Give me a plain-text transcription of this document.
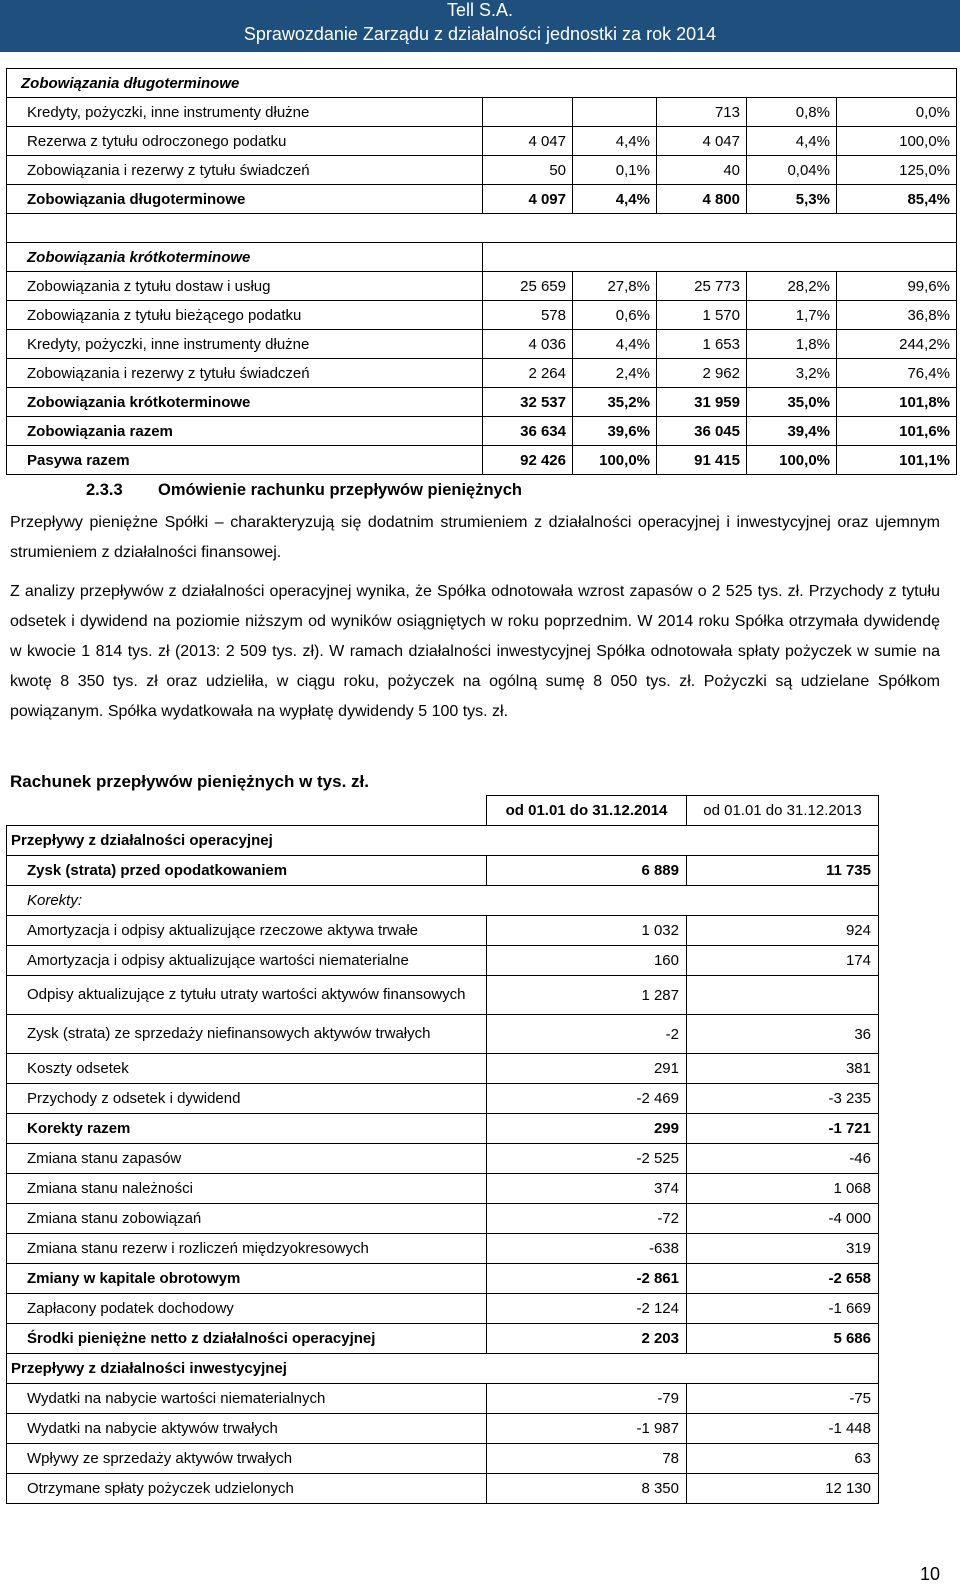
Tell S.A.
Sprawozdanie Zarządu z działalności jednostki za rok 2014
Zobowiązania długoterminowe					
Kredyty, pożyczki, inne instrumenty dłużne			713	0,8%	0,0%
Rezerwa z tytułu odroczonego podatku	4 047	4,4%	4 047	4,4%	100,0%
Zobowiązania i rezerwy z tytułu świadczeń	50	0,1%	40	0,04%	125,0%
Zobowiązania długoterminowe	4 097	4,4%	4 800	5,3%	85,4%

Zobowiązania krótkoterminowe					
Zobowiązania z tytułu dostaw i usług	25 659	27,8%	25 773	28,2%	99,6%
Zobowiązania z tytułu bieżącego podatku	578	0,6%	1 570	1,7%	36,8%
Kredyty, pożyczki, inne instrumenty dłużne	4 036	4,4%	1 653	1,8%	244,2%
Zobowiązania i rezerwy z tytułu świadczeń	2 264	2,4%	2 962	3,2%	76,4%
Zobowiązania krótkoterminowe	32 537	35,2%	31 959	35,0%	101,8%
Zobowiązania razem	36 634	39,6%	36 045	39,4%	101,6%
Pasywa razem	92 426	100,0%	91 415	100,0%	101,1%
2.3.3 Omówienie rachunku przepływów pieniężnych
Przepływy pieniężne Spółki – charakteryzują się dodatnim strumieniem z działalności operacyjnej i inwestycyjnej oraz ujemnym strumieniem z działalności finansowej.
Z analizy przepływów z działalności operacyjnej wynika, że Spółka odnotowała wzrost zapasów o 2 525 tys. zł. Przychody z tytułu odsetek i dywidend na poziomie niższym od wyników osiągniętych w roku poprzednim. W 2014 roku Spółka otrzymała dywidendę w kwocie 1 814 tys. zł (2013: 2 509 tys. zł). W ramach działalności inwestycyjnej Spółka odnotowała spłaty pożyczek w sumie na kwotę 8 350 tys. zł oraz udzieliła, w ciągu roku, pożyczek na ogólną sumę 8 050 tys. zł. Pożyczki są udzielane Spółkom powiązanym. Spółka wydatkowała na wypłatę dywidendy 5 100 tys. zł.
Rachunek przepływów pieniężnych w tys. zł.
	od 01.01 do 31.12.2014	od 01.01 do 31.12.2013
Przepływy z działalności operacyjnej		
Zysk (strata) przed opodatkowaniem	6 889	11 735
Korekty:		
Amortyzacja i odpisy aktualizujące rzeczowe aktywa trwałe	1 032	924
Amortyzacja i odpisy aktualizujące wartości niematerialne	160	174
Odpisy aktualizujące z tytułu utraty wartości aktywów finansowych	1 287	
Zysk (strata) ze sprzedaży niefinansowych aktywów trwałych	-2	36
Koszty odsetek	291	381
Przychody z odsetek i dywidend	-2 469	-3 235
Korekty razem	299	-1 721
Zmiana stanu zapasów	-2 525	-46
Zmiana stanu należności	374	1 068
Zmiana stanu zobowiązań	-72	-4 000
Zmiana stanu rezerw i rozliczeń międzyokresowych	-638	319
Zmiany w kapitale obrotowym	-2 861	-2 658
Zapłacony podatek dochodowy	-2 124	-1 669
Środki pieniężne netto z działalności operacyjnej	2 203	5 686
Przepływy z działalności inwestycyjnej		
Wydatki na nabycie wartości niematerialnych	-79	-75
Wydatki na nabycie aktywów trwałych	-1 987	-1 448
Wpływy ze sprzedaży aktywów trwałych	78	63
Otrzymane spłaty pożyczek udzielonych	8 350	12 130
10
